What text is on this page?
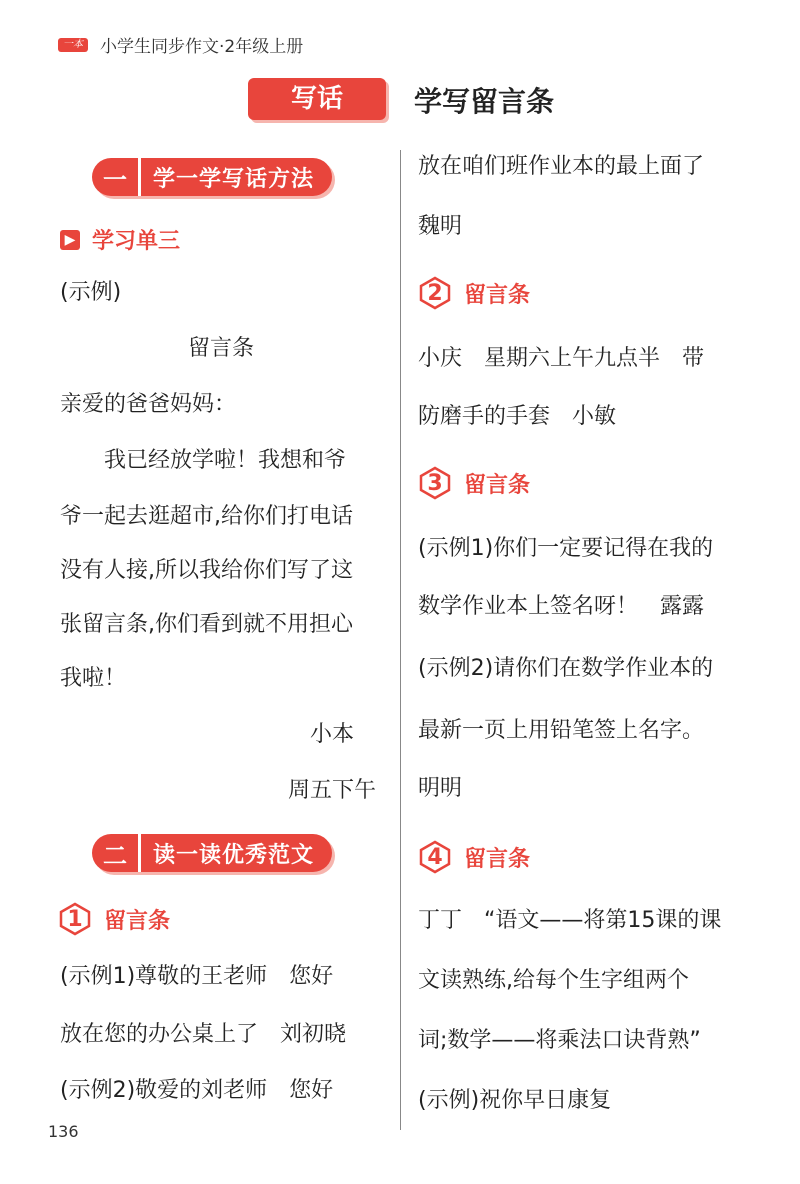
一本 小学生同步作文·2年级上册
写话	学写留言条
一	学一学写话方法
▶ 学习单三
(示例)
留言条
亲爱的爸爸妈妈：
我已经放学啦！我想和爷
爷一起去逛超市,给你们打电话
没有人接,所以我给你们写了这
张留言条,你们看到就不用担心
我啦！
小本
周五下午
二	读一读优秀范文
1 留言条
(示例1)尊敬的王老师　您好
放在您的办公桌上了　刘初晓
(示例2)敬爱的刘老师　您好
放在咱们班作业本的最上面了
魏明
2 留言条
小庆　星期六上午九点半　带
防磨手的手套　小敏
3 留言条
(示例1)你们一定要记得在我的
数学作业本上签名呀！　露露
(示例2)请你们在数学作业本的
最新一页上用铅笔签上名字。
明明
4 留言条
丁丁　“语文——将第15课的课
文读熟练,给每个生字组两个
词;数学——将乘法口诀背熟”
(示例)祝你早日康复
136
